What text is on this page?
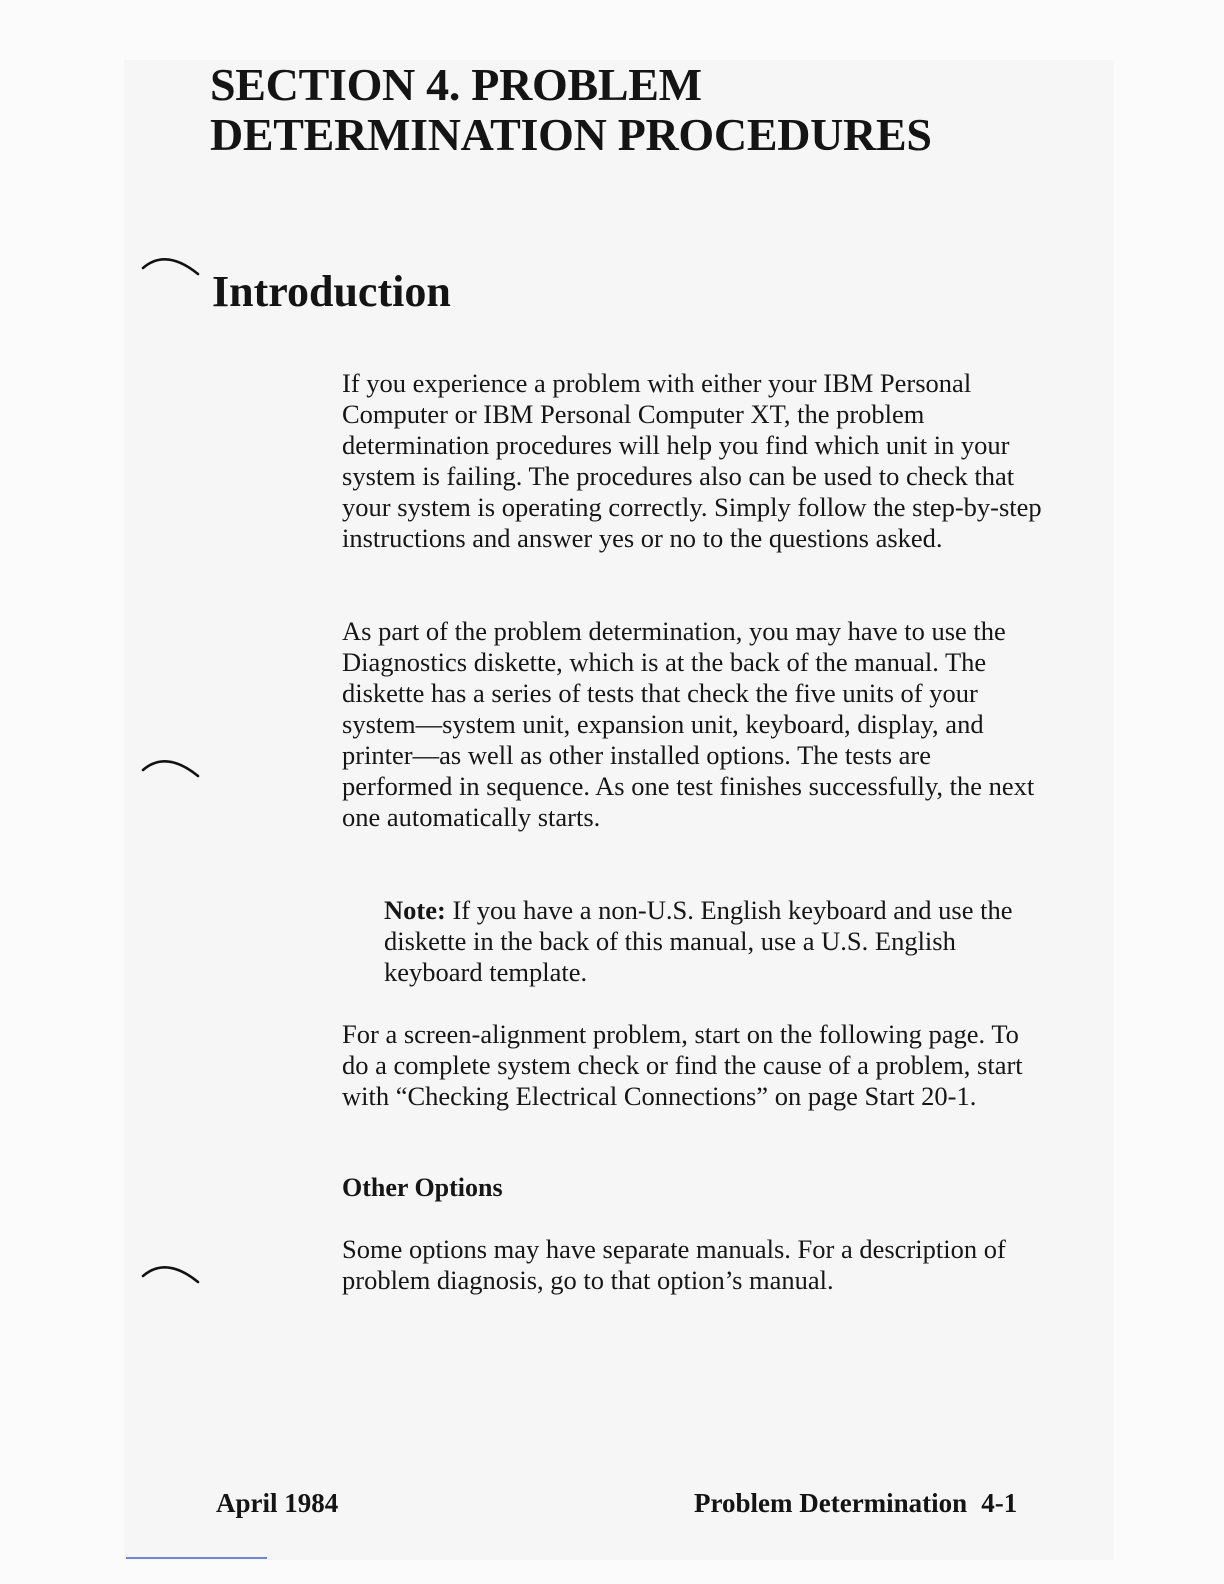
SECTION 4. PROBLEM
DETERMINATION PROCEDURES
Introduction

If you experience a problem with either your IBM Personal Computer or IBM Personal Computer XT, the problem determination procedures will help you find which unit in your system is failing. The procedures also can be used to check that your system is operating correctly. Simply follow the step-by-step instructions and answer yes or no to the questions asked.

As part of the problem determination, you may have to use the Diagnostics diskette, which is at the back of the manual. The diskette has a series of tests that check the five units of your system—system unit, expansion unit, keyboard, display, and printer—as well as other installed options. The tests are performed in sequence. As one test finishes successfully, the next one automatically starts.

Note: If you have a non-U.S. English keyboard and use the diskette in the back of this manual, use a U.S. English keyboard template.

For a screen-alignment problem, start on the following page. To do a complete system check or find the cause of a problem, start with “Checking Electrical Connections” on page Start 20-1.

Other Options

Some options may have separate manuals. For a description of problem diagnosis, go to that option’s manual.

April 1984	Problem Determination 4-1
